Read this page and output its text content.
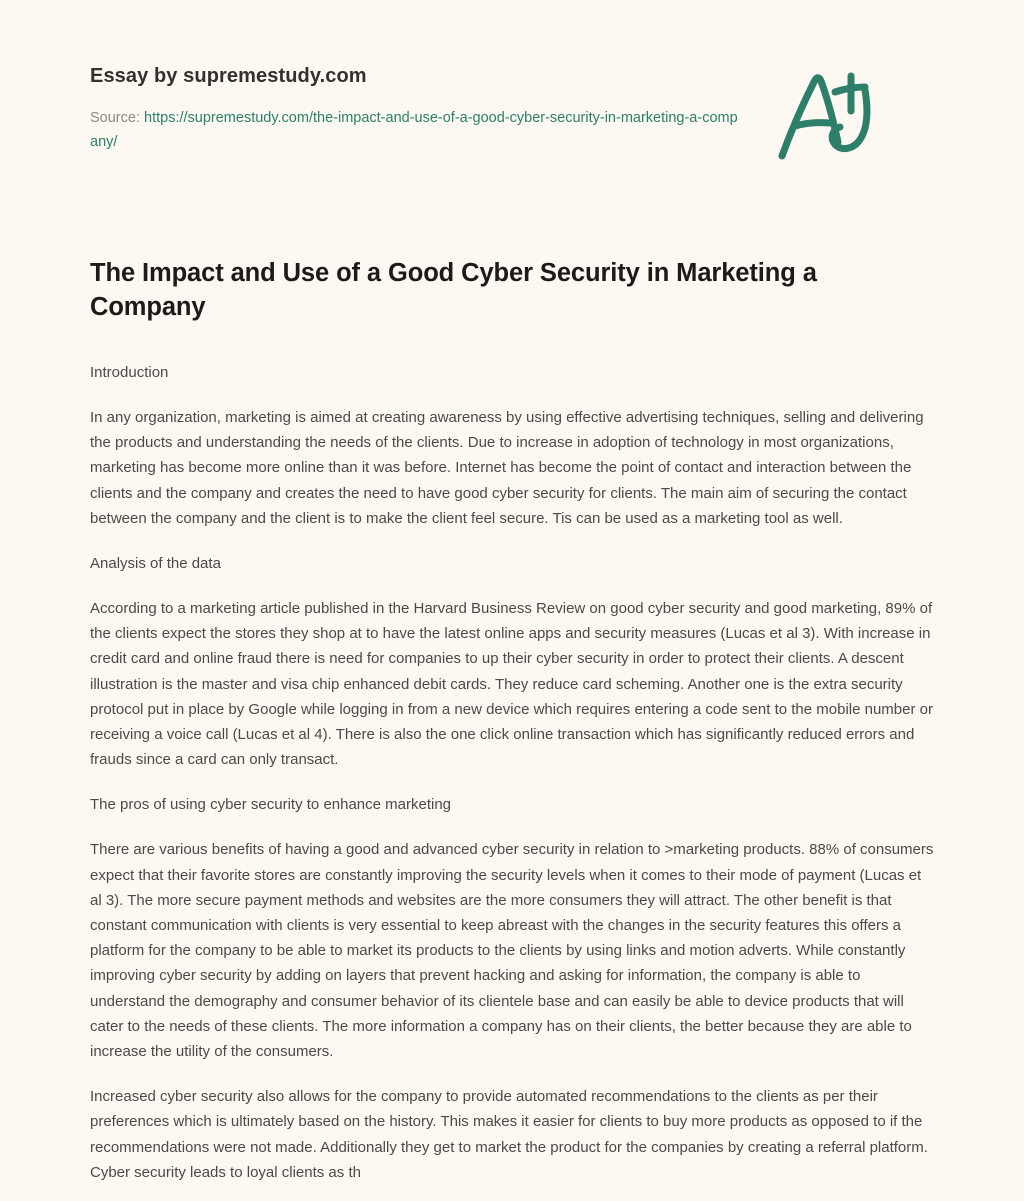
Essay by supremestudy.com
Source: https://supremestudy.com/the-impact-and-use-of-a-good-cyber-security-in-marketing-a-company/
The Impact and Use of a Good Cyber Security in Marketing a Company
Introduction

In any organization, marketing is aimed at creating awareness by using effective advertising techniques, selling and delivering the products and understanding the needs of the clients. Due to increase in adoption of technology in most organizations, marketing has become more online than it was before. Internet has become the point of contact and interaction between the clients and the company and creates the need to have good cyber security for clients. The main aim of securing the contact between the company and the client is to make the client feel secure. Tis can be used as a marketing tool as well.

Analysis of the data

According to a marketing article published in the Harvard Business Review on good cyber security and good marketing, 89% of the clients expect the stores they shop at to have the latest online apps and security measures (Lucas et al 3). With increase in credit card and online fraud there is need for companies to up their cyber security in order to protect their clients. A descent illustration is the master and visa chip enhanced debit cards. They reduce card scheming. Another one is the extra security protocol put in place by Google while logging in from a new device which requires entering a code sent to the mobile number or receiving a voice call (Lucas et al 4). There is also the one click online transaction which has significantly reduced errors and frauds since a card can only transact.

The pros of using cyber security to enhance marketing

There are various benefits of having a good and advanced cyber security in relation to >marketing products. 88% of consumers expect that their favorite stores are constantly improving the security levels when it comes to their mode of payment (Lucas et al 3). The more secure payment methods and websites are the more consumers they will attract. The other benefit is that constant communication with clients is very essential to keep abreast with the changes in the security features this offers a platform for the company to be able to market its products to the clients by using links and motion adverts. While constantly improving cyber security by adding on layers that prevent hacking and asking for information, the company is able to understand the demography and consumer behavior of its clientele base and can easily be able to device products that will cater to the needs of these clients. The more information a company has on their clients, the better because they are able to increase the utility of the consumers.

Increased cyber security also allows for the company to provide automated recommendations to the clients as per their preferences which is ultimately based on the history. This makes it easier for clients to buy more products as opposed to if the recommendations were not made. Additionally they get to market the product for the companies by creating a referral platform. Cyber security leads to loyal clients as th
